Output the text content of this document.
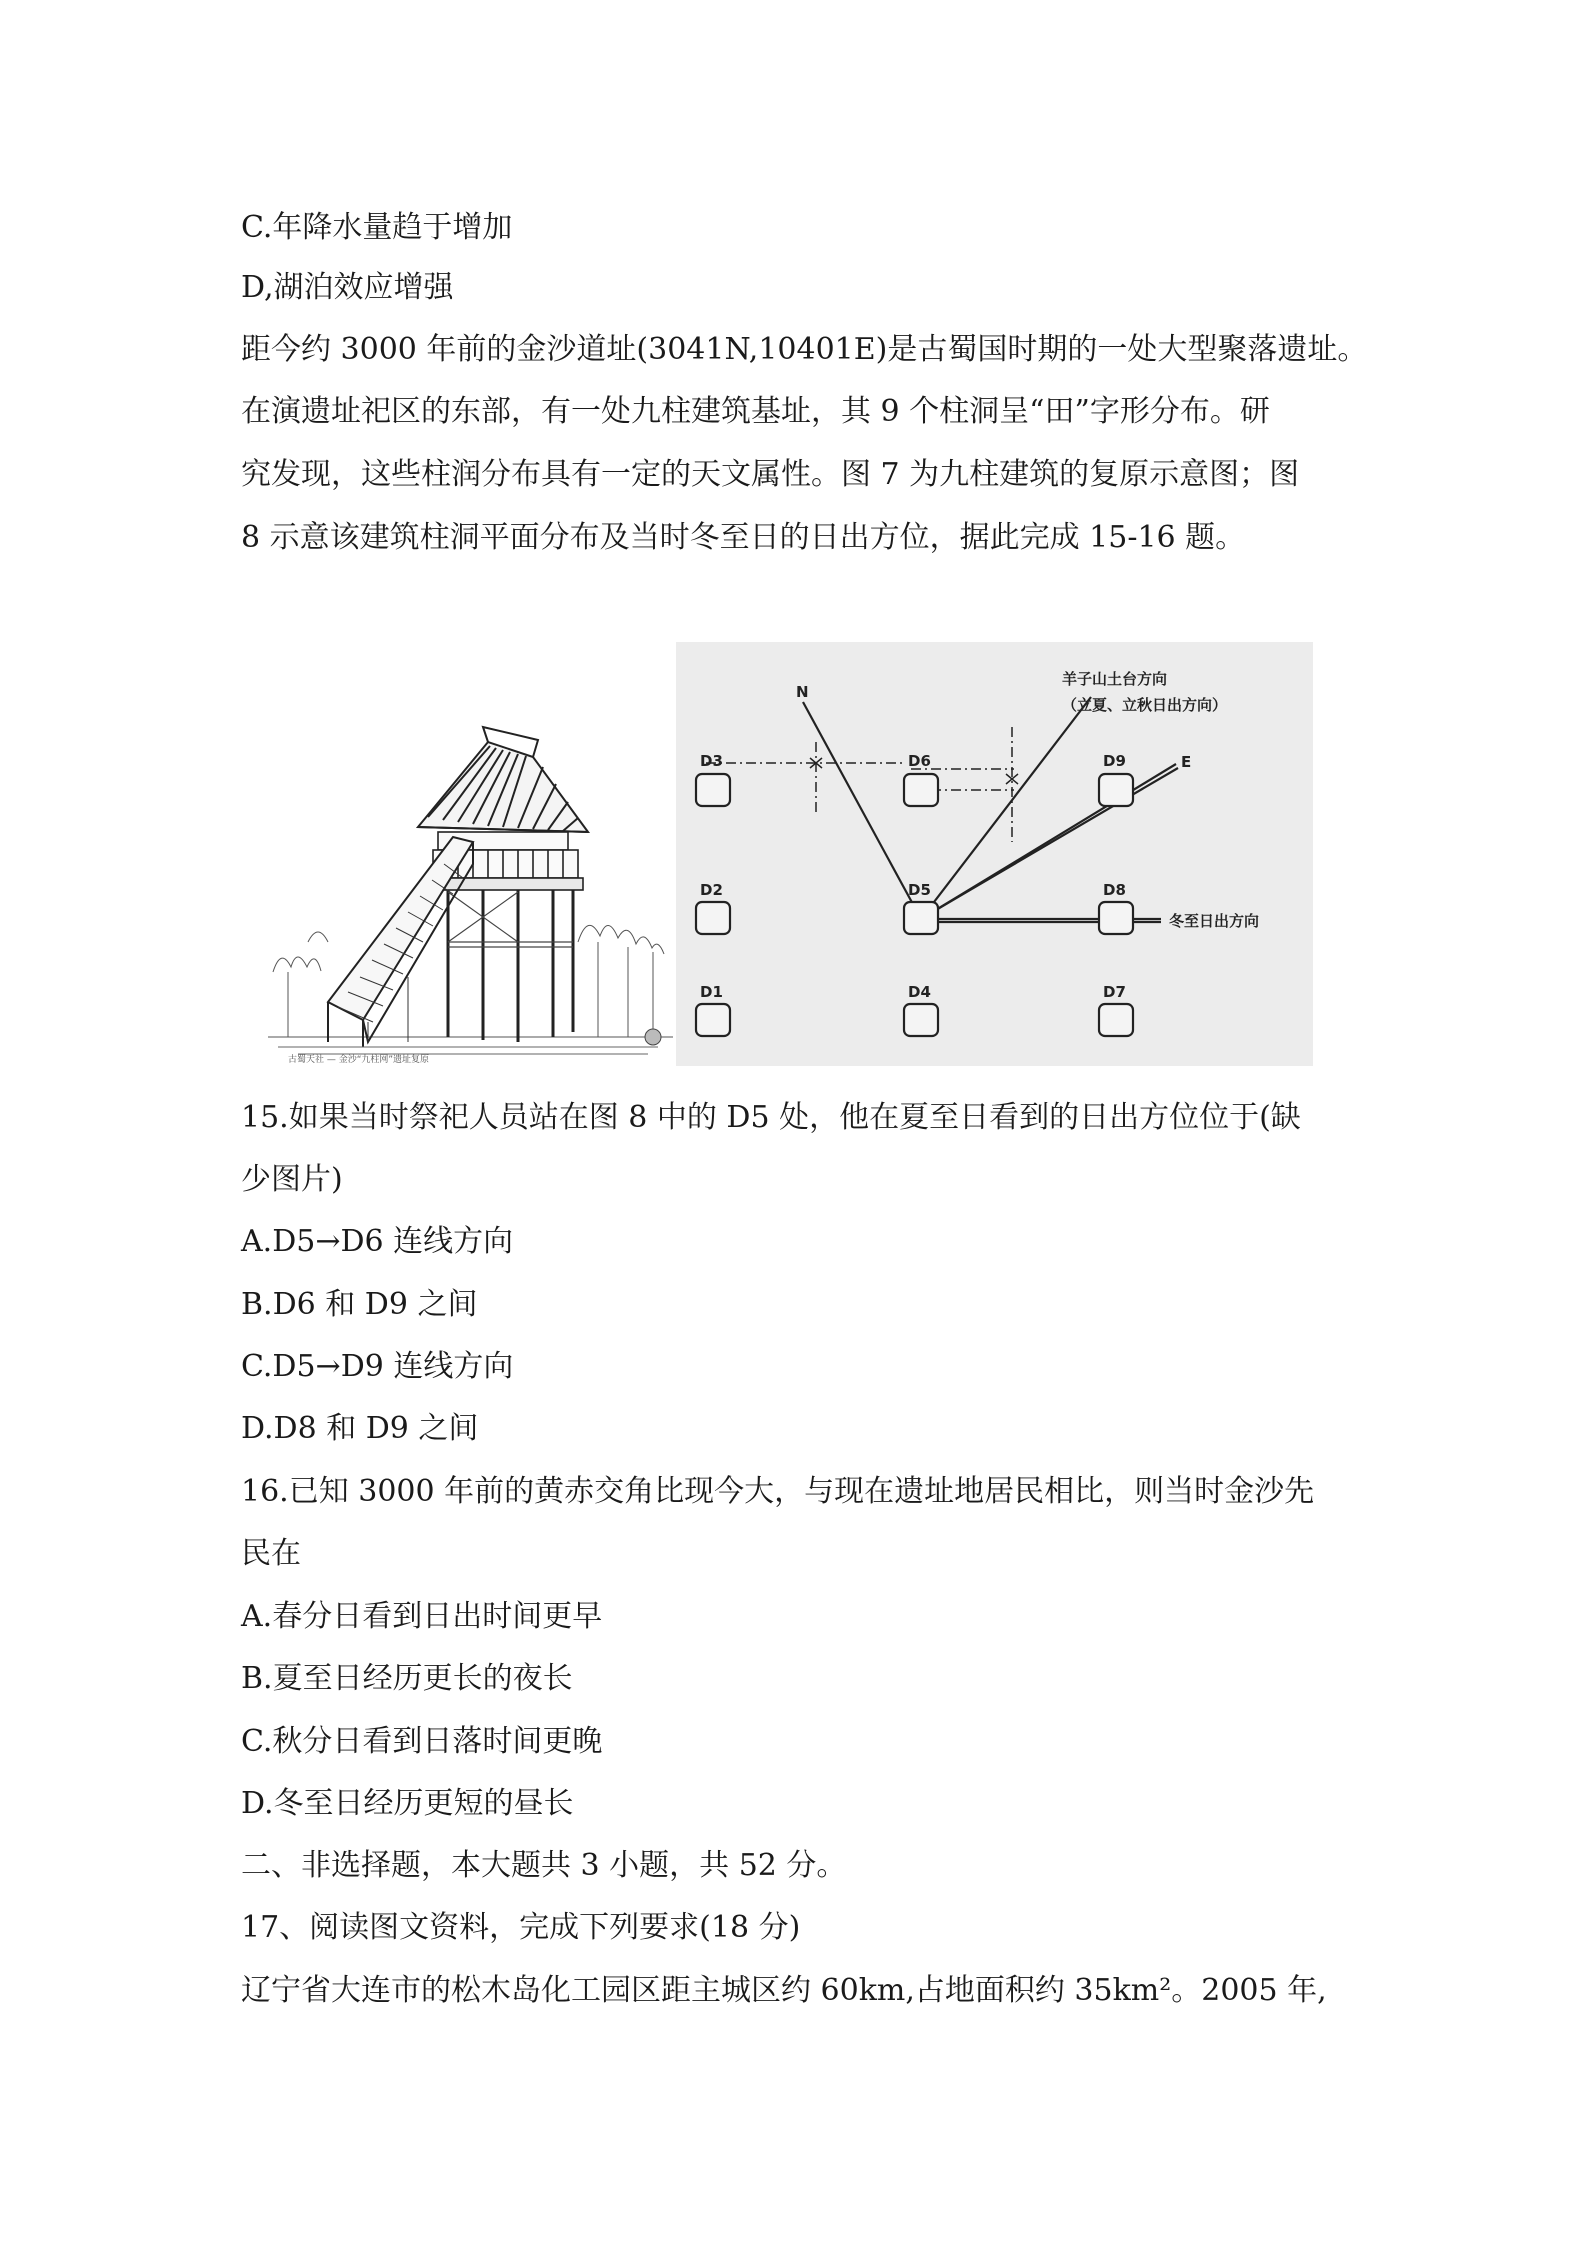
C.年降水量趋于增加
D,湖泊效应增强
距今约 3000 年前的金沙道址(3041N,10401E)是古蜀国时期的一处大型聚落遗址。
在演遗址祀区的东部，有一处九柱建筑基址，其 9 个柱洞呈“田”字形分布。研
究发现，这些柱润分布具有一定的天文属性。图 7 为九柱建筑的复原示意图；图
8 示意该建筑柱洞平面分布及当时冬至日的日出方位，据此完成 15-16 题。
古蜀天社 — 金沙“九柱网”遗址复原
D1
D2
D3
D4
D5
D6
D7
D8
D9
N
E
羊子山土台方向
（立夏、立秋日出方向）
冬至日出方向
15.如果当时祭祀人员站在图 8 中的 D5 处，他在夏至日看到的日出方位位于(缺
少图片)
A.D5→D6 连线方向
B.D6 和 D9 之间
C.D5→D9 连线方向
D.D8 和 D9 之间
16.已知 3000 年前的黄赤交角比现今大，与现在遗址地居民相比，则当时金沙先
民在
A.春分日看到日出时间更早
B.夏至日经历更长的夜长
C.秋分日看到日落时间更晚
D.冬至日经历更短的昼长
二、非选择题，本大题共 3 小题，共 52 分。
17、阅读图文资料，完成下列要求(18 分)
辽宁省大连市的松木岛化工园区距主城区约 60km,占地面积约 35km²。2005 年,
